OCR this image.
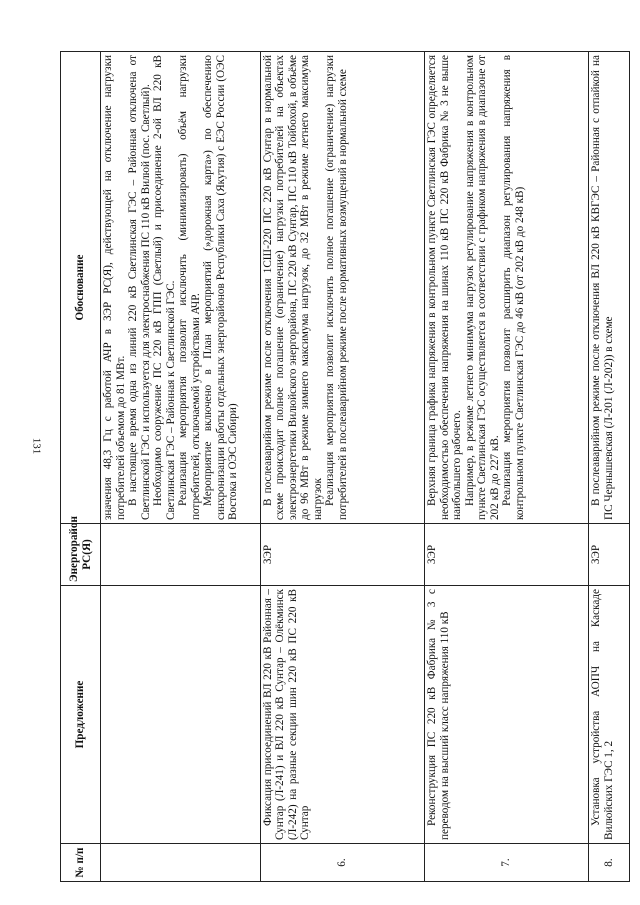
131
№ п/п	Предложение	Энергорайон РС(Я)	Обоснование

			значения 48,3 Гц с работой АЧР в ЗЭР РС(Я), действующей на отключение нагрузки потребителей объемом до 81 МВт. В настоящее время одна из линий 220 кВ Светлинская ГЭС – Районная отключена от Светлинской ГЭС и используется для электроснабжения ПС 110 кВ Вилюй (пос. Светлый). Необходимо сооружение ПС 220 кВ ГПП (Светлый) и присоединение 2-ой ВЛ 220 кВ Светлинская ГЭС – Районная к Светлинской ГЭС. Реализация мероприятия позволит исключить (минимизировать) объём нагрузки потребителей, отключаемой устройствами АЧР. Мероприятие включено в План мероприятий (»дорожная карта») по обеспечению синхронизации работы отдельных энергорайонов Республики Саха (Якутия) с ЕЭС России (ОЭС Востока и ОЭС Сибири)

6.	Фиксация присоединений ВЛ 220 кВ Районная – Сунтар (Л-241) и ВЛ 220 кВ Сунтар – Олёкминск (Л-242) на разные секции шин 220 кВ ПС 220 кВ Сунтар	ЗЭР	В послеаварийном режиме после отключения 1СШ-220 ПС 220 кВ Сунтар в нормальной схеме происходит полное погашение (ограничение) нагрузки потребителей на объектах электроэнергетики Вилюйского энергорайона, ПС 220 кВ Сунтар, ПС 110 кВ Тойбохой, в объёме до 96 МВт в режиме зимнего максимума нагрузок, до 32 МВт в режиме летнего максимума нагрузок Реализация мероприятия позволит исключить полное погашение (ограничение) нагрузки потребителей в послеаварийном режиме после нормативных возмущений в нормальной схеме

7.	Реконструкция ПС 220 кВ Фабрика № 3 с переводом на высший класс напряжения 110 кВ	ЗЭР	Верхняя граница графика напряжения в контрольном пункте Светлинская ГЭС определяется необходимостью обеспечения напряжения на шинах 110 кВ ПС 220 кВ Фабрика № 3 не выше наибольшего рабочего. Например, в режиме летнего минимума нагрузок регулирование напряжения в контрольном пункте Светлинская ГЭС осуществляется в соответствии с графиком напряжения в диапазоне от 202 кВ до 227 кВ. Реализация мероприятия позволит расширить диапазон регулирования напряжения в контрольном пункте Светлинская ГЭС до 46 кВ (от 202 кВ до 248 кВ)

8.	Установка устройства АОПЧ на Каскаде Вилюйских ГЭС 1, 2	ЗЭР	В послеаварийном режиме после отключения ВЛ 220 кВ КВГЭС – Районная с отпайкой на ПС Чернышевская (Л-201 (Л-202)) в схеме
